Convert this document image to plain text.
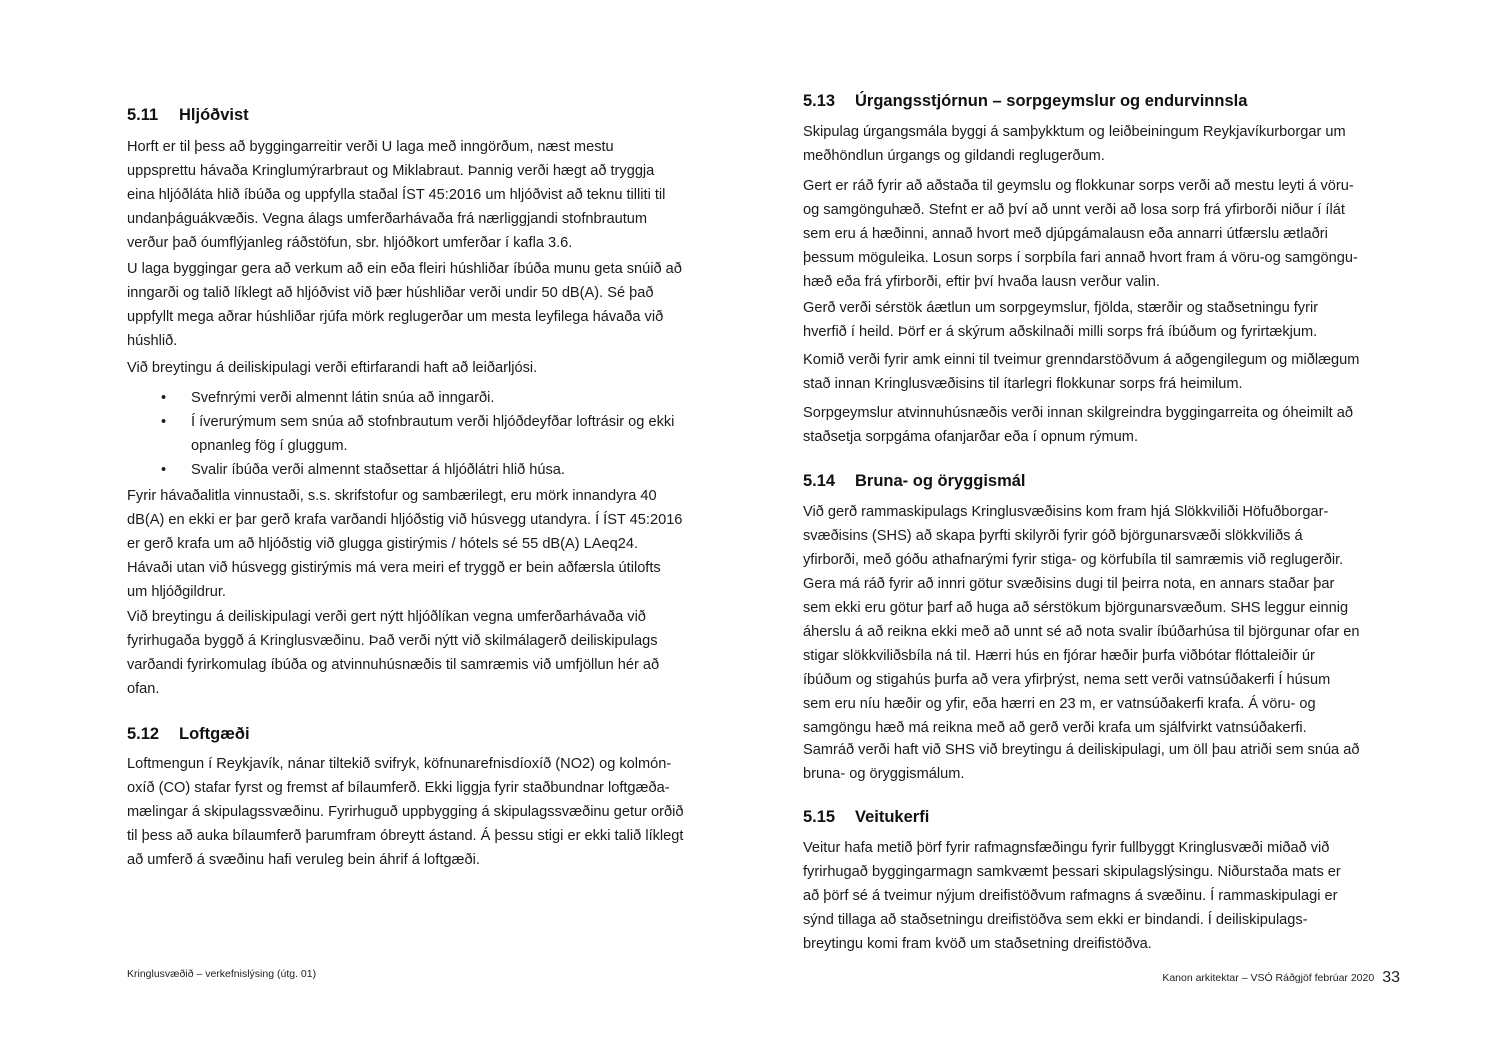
5.11 Hljóðvist

Horft er til þess að byggingarreitir verði U laga með inngörðum, næst mestu
uppsprettu hávaða Kringlumýrarbraut og Miklabraut. Þannig verði hægt að tryggja
eina hljóðláta hlið íbúða og uppfylla staðal ÍST 45:2016 um hljóðvist að teknu tilliti til
undanþáguákvæðis. Vegna álags umferðarhávaða frá nærliggjandi stofnbrautum
verður það óumflýjanleg ráðstöfun, sbr. hljóðkort umferðar í kafla 3.6.

U laga byggingar gera að verkum að ein eða fleiri húshliðar íbúða munu geta snúið að
inngarði og talið líklegt að hljóðvist við þær húshliðar verði undir 50 dB(A). Sé það
uppfyllt mega aðrar húshliðar rjúfa mörk reglugerðar um mesta leyfilega hávaða við
húshlið.

Við breytingu á deiliskipulagi verði eftirfarandi haft að leiðarljósi.

• Svefnrými verði almennt látin snúa að inngarði.
• Í íverurýmum sem snúa að stofnbrautum verði hljóðdeyfðar loftrásir og ekki
opnanleg fög í gluggum.
• Svalir íbúða verði almennt staðsettar á hljóðlátri hlið húsa.

Fyrir hávaðalitla vinnustaði, s.s. skrifstofur og sambærilegt, eru mörk innandyra 40
dB(A) en ekki er þar gerð krafa varðandi hljóðstig við húsvegg utandyra. Í ÍST 45:2016
er gerð krafa um að hljóðstig við glugga gistirýmis / hótels sé 55 dB(A) LAeq24.
Hávaði utan við húsvegg gistirýmis má vera meiri ef tryggð er bein aðfærsla útilofts
um hljóðgildrur.

Við breytingu á deiliskipulagi verði gert nýtt hljóðlíkan vegna umferðarhávaða við
fyrirhugaða byggð á Kringlusvæðinu. Það verði nýtt við skilmálagerð deiliskipulags
varðandi fyrirkomulag íbúða og atvinnuhúsnæðis til samræmis við umfjöllun hér að
ofan.

5.12 Loftgæði

Loftmengun í Reykjavík, nánar tiltekið svifryk, köfnunarefnisdíoxíð (NO2) og kolmón-
oxíð (CO) stafar fyrst og fremst af bílaumferð. Ekki liggja fyrir staðbundnar loftgæða-
mælingar á skipulagssvæðinu. Fyrirhuguð uppbygging á skipulagssvæðinu getur orðið
til þess að auka bílaumferð þarumfram óbreytt ástand. Á þessu stigi er ekki talið líklegt
að umferð á svæðinu hafi veruleg bein áhrif á loftgæði.

5.13 Úrgangsstjórnun – sorpgeymslur og endurvinnsla

Skipulag úrgangsmála byggi á samþykktum og leiðbeiningum Reykjavíkurborgar um
meðhöndlun úrgangs og gildandi reglugerðum.

Gert er ráð fyrir að aðstaða til geymslu og flokkunar sorps verði að mestu leyti á vöru-
og samgönguhæð. Stefnt er að því að unnt verði að losa sorp frá yfirborði niður í ílát
sem eru á hæðinni, annað hvort með djúpgámalausn eða annarri útfærslu ætlaðri
þessum möguleika. Losun sorps í sorpbíla fari annað hvort fram á vöru-og samgöngu-
hæð eða frá yfirborði, eftir því hvaða lausn verður valin.

Gerð verði sérstök áætlun um sorpgeymslur, fjölda, stærðir og staðsetningu fyrir
hverfið í heild. Þörf er á skýrum aðskilnaði milli sorps frá íbúðum og fyrirtækjum.

Komið verði fyrir amk einni til tveimur grenndarstöðvum á aðgengilegum og miðlægum
stað innan Kringlusvæðisins til ítarlegri flokkunar sorps frá heimilum.

Sorpgeymslur atvinnuhúsnæðis verði innan skilgreindra byggingarreita og óheimilt að
staðsetja sorpgáma ofanjarðar eða í opnum rýmum.

5.14 Bruna- og öryggismál

Við gerð rammaskipulags Kringlusvæðisins kom fram hjá Slökkviliði Höfuðborgar-
svæðisins (SHS) að skapa þyrfti skilyrði fyrir góð björgunarsvæði slökkviliðs á
yfirborði, með góðu athafnarými fyrir stiga- og körfubíla til samræmis við reglugerðir.
Gera má ráð fyrir að innri götur svæðisins dugi til þeirra nota, en annars staðar þar
sem ekki eru götur þarf að huga að sérstökum björgunarsvæðum. SHS leggur einnig
áherslu á að reikna ekki með að unnt sé að nota svalir íbúðarhúsa til björgunar ofar en
stigar slökkviliðsbíla ná til. Hærri hús en fjórar hæðir þurfa viðbótar flóttaleiðir úr
íbúðum og stigahús þurfa að vera yfirþrýst, nema sett verði vatnsúðakerfi Í húsum
sem eru níu hæðir og yfir, eða hærri en 23 m, er vatnsúðakerfi krafa. Á vöru- og
samgöngu hæð má reikna með að gerð verði krafa um sjálfvirkt vatnsúðakerfi.

Samráð verði haft við SHS við breytingu á deiliskipulagi, um öll þau atriði sem snúa að
bruna- og öryggismálum.

5.15 Veitukerfi

Veitur hafa metið þörf fyrir rafmagnsfæðingu fyrir fullbyggt Kringlusvæði miðað við
fyrirhugað byggingarmagn samkvæmt þessari skipulagslýsingu. Niðurstaða mats er
að þörf sé á tveimur nýjum dreifistöðvum rafmagns á svæðinu. Í rammaskipulagi er
sýnd tillaga að staðsetningu dreifistöðva sem ekki er bindandi. Í deiliskipulags-
breytingu komi fram kvöð um staðsetning dreifistöðva.

Kringlusvæðið – verkefnislýsing (útg. 01)	Kanon arkitektar – VSÓ Ráðgjöf febrúar 2020 33
